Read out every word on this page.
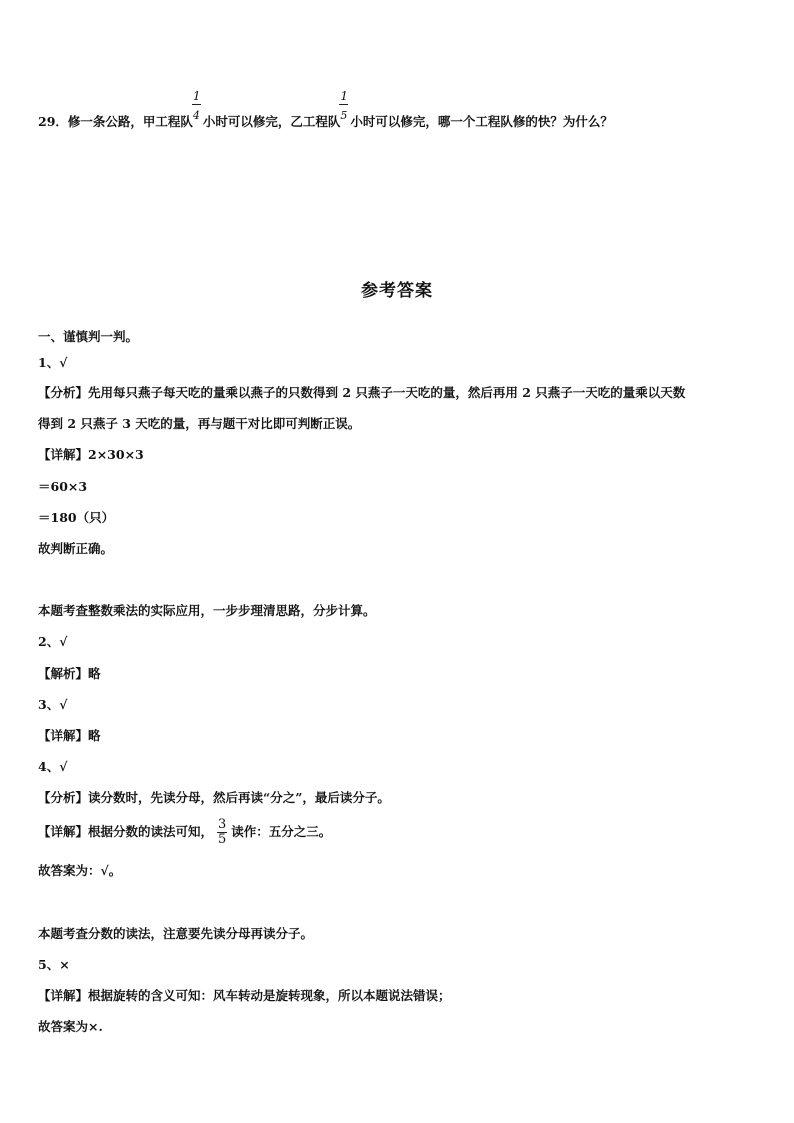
29．修一条公路，甲工程队 $\frac{1}{4}$ 小时可以修完，乙工程队 $\frac{1}{5}$ 小时可以修完，哪一个工程队修的快？为什么？
参考答案
一、谨慎判一判。
1、√
【分析】先用每只燕子每天吃的量乘以燕子的只数得到 2 只燕子一天吃的量，然后再用 2 只燕子一天吃的量乘以天数
得到 2 只燕子 3 天吃的量，再与题干对比即可判断正误。
【详解】2×30×3
＝60×3
＝180（只）
故判断正确。
本题考查整数乘法的实际应用，一步步理清思路，分步计算。
2、√
【解析】略
3、√
【详解】略
4、√
【分析】读分数时，先读分母，然后再读“分之”，最后读分子。
【详解】根据分数的读法可知， $\frac{3}{5}$ 读作：五分之三。
故答案为：√。
本题考查分数的读法，注意要先读分母再读分子。
5、×
【详解】根据旋转的含义可知：风车转动是旋转现象，所以本题说法错误；
故答案为×.
